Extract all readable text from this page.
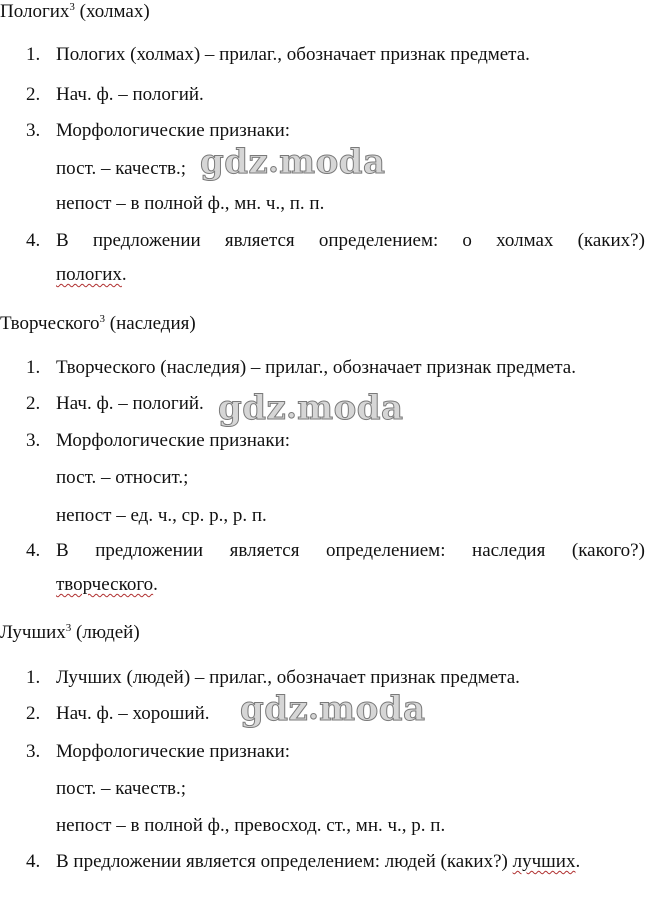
Пологих$^3$ (холмах)
1. Пологих (холмах) – прилаг., обозначает признак предмета.
2. Нач. ф. – пологий.
3. Морфологические признаки:
пост. – качеств.;
непост – в полной ф., мн. ч., п. п.
4. В предложении является определением: о холмах (каких?)
пологих.
Творческого$^3$ (наследия)
1. Творческого (наследия) – прилаг., обозначает признак предмета.
2. Нач. ф. – пологий.
3. Морфологические признаки:
пост. – относит.;
непост – ед. ч., ср. р., р. п.
4. В предложении является определением: наследия (какого?)
творческого.
Лучших$^3$ (людей)
1. Лучших (людей) – прилаг., обозначает признак предмета.
2. Нач. ф. – хороший.
3. Морфологические признаки:
пост. – качеств.;
непост – в полной ф., превосход. ст., мн. ч., р. п.
4. В предложении является определением: людей (каких?) лучших.
gdz•moda
gdz•moda
gdz•moda
